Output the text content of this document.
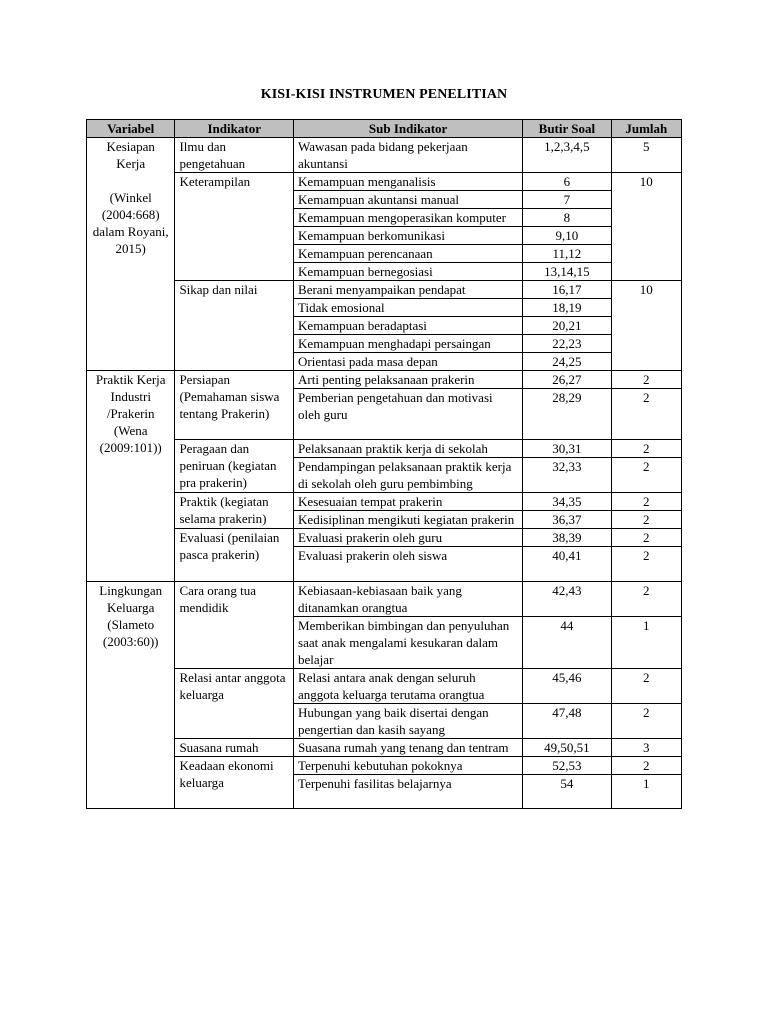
KISI-KISI INSTRUMEN PENELITIAN
Variabel	Indikator	Sub Indikator	Butir Soal	Jumlah

Kesiapan Kerja
(Winkel (2004:668) dalam Royani, 2015)	Ilmu dan pengetahuan	Wawasan pada bidang pekerjaan akuntansi	1,2,3,4,5	5
	Keterampilan	Kemampuan menganalisis	6	10
		Kemampuan akuntansi manual	7	
		Kemampuan mengoperasikan komputer	8	
		Kemampuan berkomunikasi	9,10	
		Kemampuan perencanaan	11,12	
		Kemampuan bernegosiasi	13,14,15	
	Sikap dan nilai	Berani menyampaikan pendapat	16,17	10
		Tidak emosional	18,19	
		Kemampuan beradaptasi	20,21	
		Kemampuan menghadapi persaingan	22,23	
		Orientasi pada masa depan	24,25	
Praktik Kerja Industri /Prakerin (Wena (2009:101))	Persiapan (Pemahaman siswa tentang Prakerin)	Arti penting pelaksanaan prakerin	26,27	2
		Pemberian pengetahuan dan motivasi oleh guru	28,29	2
	Peragaan dan peniruan (kegiatan pra prakerin)	Pelaksanaan praktik kerja di sekolah	30,31	2
		Pendampingan pelaksanaan praktik kerja di sekolah oleh guru pembimbing	32,33	2
	Praktik (kegiatan selama prakerin)	Kesesuaian tempat prakerin	34,35	2
		Kedisiplinan mengikuti kegiatan prakerin	36,37	2
	Evaluasi (penilaian pasca prakerin)	Evaluasi prakerin oleh guru	38,39	2
		Evaluasi prakerin oleh siswa	40,41	2
Lingkungan Keluarga (Slameto (2003:60))	Cara orang tua mendidik	Kebiasaan-kebiasaan baik yang ditanamkan orangtua	42,43	2
		Memberikan bimbingan dan penyuluhan saat anak mengalami kesukaran dalam belajar	44	1
	Relasi antar anggota keluarga	Relasi antara anak dengan seluruh anggota keluarga terutama orangtua	45,46	2
		Hubungan yang baik disertai dengan pengertian dan kasih sayang	47,48	2
	Suasana rumah	Suasana rumah yang tenang dan tentram	49,50,51	3
	Keadaan ekonomi keluarga	Terpenuhi kebutuhan pokoknya	52,53	2
		Terpenuhi fasilitas belajarnya	54	1
